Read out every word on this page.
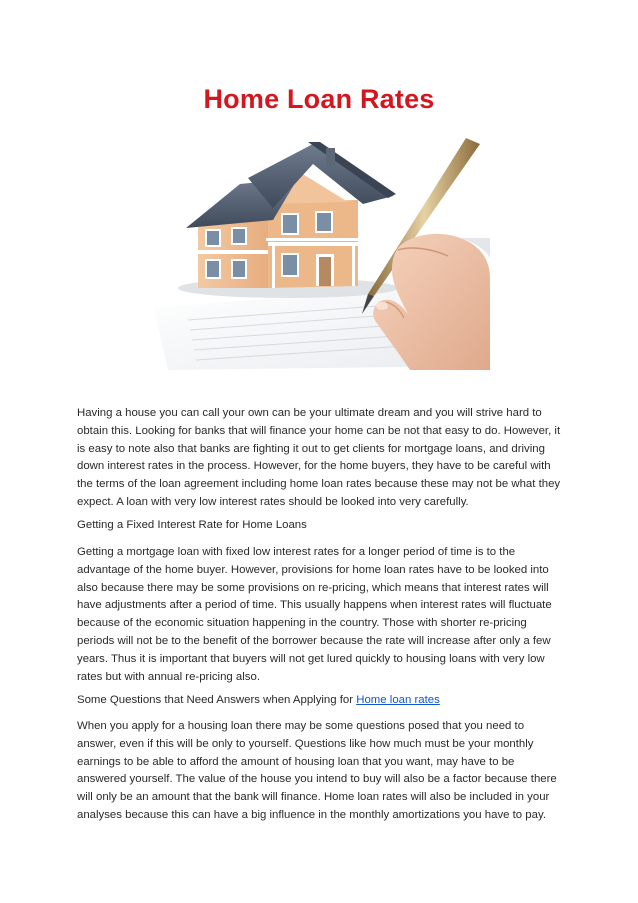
Home Loan Rates

Having a house you can call your own can be your ultimate dream and you will strive hard to obtain this. Looking for banks that will finance your home can be not that easy to do. However, it is easy to note also that banks are fighting it out to get clients for mortgage loans, and driving down interest rates in the process. However, for the home buyers, they have to be careful with the terms of the loan agreement including home loan rates because these may not be what they expect. A loan with very low interest rates should be looked into very carefully.

Getting a Fixed Interest Rate for Home Loans

Getting a mortgage loan with fixed low interest rates for a longer period of time is to the advantage of the home buyer. However, provisions for home loan rates have to be looked into also because there may be some provisions on re-pricing, which means that interest rates will have adjustments after a period of time. This usually happens when interest rates will fluctuate because of the economic situation happening in the country. Those with shorter re-pricing periods will not be to the benefit of the borrower because the rate will increase after only a few years. Thus it is important that buyers will not get lured quickly to housing loans with very low rates but with annual re-pricing also.

Some Questions that Need Answers when Applying for Home loan rates

When you apply for a housing loan there may be some questions posed that you need to answer, even if this will be only to yourself. Questions like how much must be your monthly earnings to be able to afford the amount of housing loan that you want, may have to be answered yourself. The value of the house you intend to buy will also be a factor because there will only be an amount that the bank will finance. Home loan rates will also be included in your analyses because this can have a big influence in the monthly amortizations you have to pay.
